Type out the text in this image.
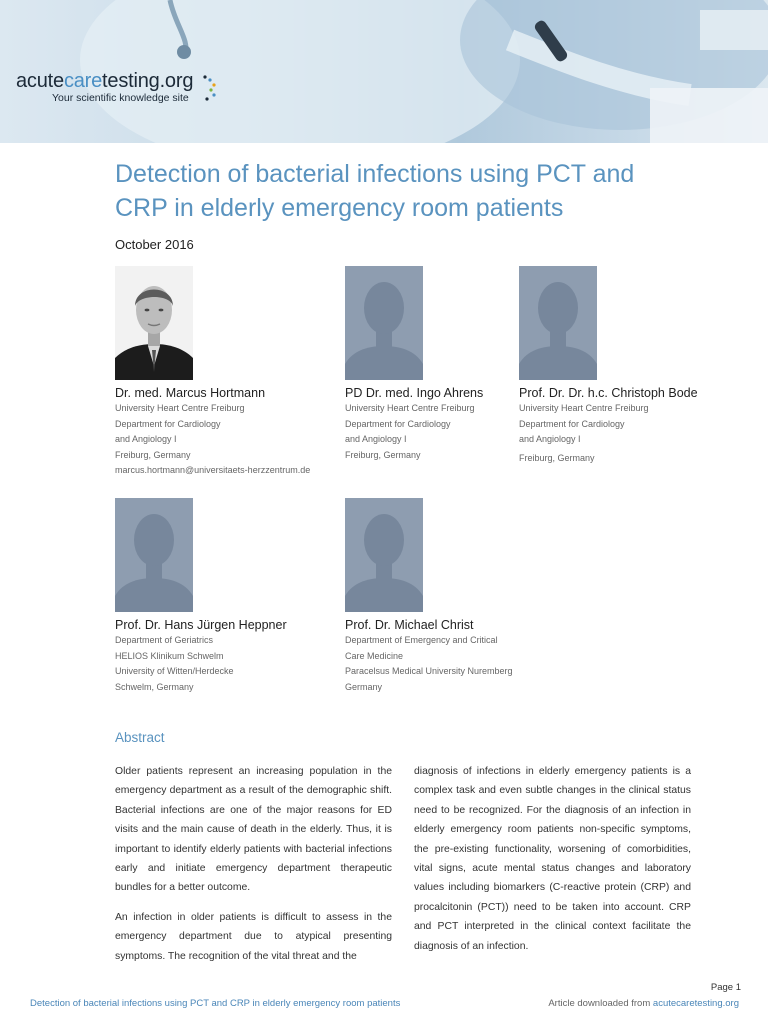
acutecaretesting.org
Your scientific knowledge site
Detection of bacterial infections using PCT and CRP in elderly emergency room patients
October 2016
Dr. med. Marcus Hortmann
University Heart Centre Freiburg
Department for Cardiology
and Angiology I
Freiburg, Germany
marcus.hortmann@universitaets-herzzentrum.de
PD Dr. med. Ingo Ahrens
University Heart Centre Freiburg
Department for Cardiology
and Angiology I
Freiburg, Germany
Prof. Dr. Dr. h.c. Christoph Bode
University Heart Centre Freiburg
Department for Cardiology
and Angiology I
Freiburg, Germany
Prof. Dr. Hans Jürgen Heppner
Department of Geriatrics
HELIOS Klinikum Schwelm
University of Witten/Herdecke
Schwelm, Germany
Prof. Dr. Michael Christ
Department of Emergency and Critical
Care Medicine
Paracelsus Medical University Nuremberg
Germany
Abstract

Older patients represent an increasing population in the emergency department as a result of the demographic shift. Bacterial infections are one of the major reasons for ED visits and the main cause of death in the elderly. Thus, it is important to identify elderly patients with bacterial infections early and initiate emergency department therapeutic bundles for a better outcome.

An infection in older patients is difficult to assess in the emergency department due to atypical presenting symptoms. The recognition of the vital threat and the

diagnosis of infections in elderly emergency patients is a complex task and even subtle changes in the clinical status need to be recognized. For the diagnosis of an infection in elderly emergency room patients non-specific symptoms, the pre-existing functionality, worsening of comorbidities, vital signs, acute mental status changes and laboratory values including biomarkers (C-reactive protein (CRP) and procalcitonin (PCT)) need to be taken into account. CRP and PCT interpreted in the clinical context facilitate the diagnosis of an infection.

Page 1
Detection of bacterial infections using PCT and CRP in elderly emergency room patients	Article downloaded from acutecaretesting.org
